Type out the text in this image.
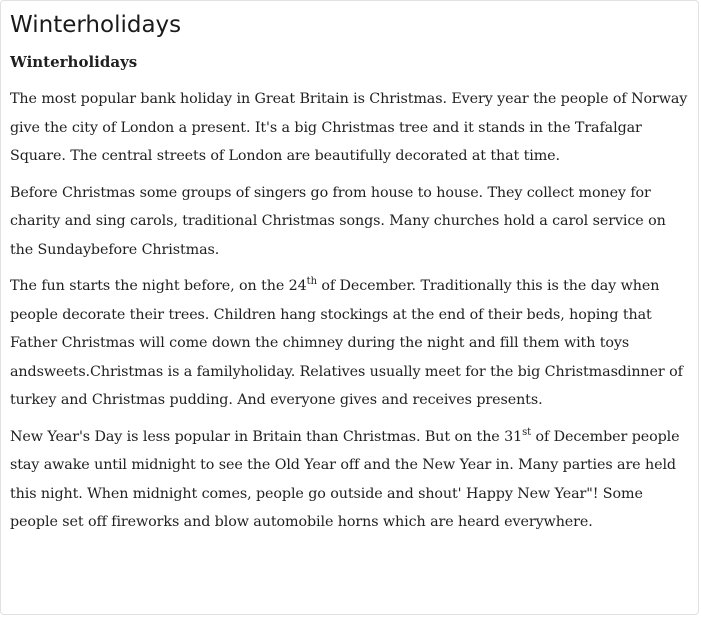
Winterholidays
Winterholidays

The most popular bank holiday in Great Britain is Christmas. Every year the people of Norway give the city of London a present. It's a big Christmas tree and it stands in the Trafalgar Square. The central streets of London are beautifully decorated at that time.

Before Christmas some groups of singers go from house to house. They collect money for charity and sing carols, traditional Christmas songs. Many churches hold a carol service on the Sundaybefore Christmas.

The fun starts the night before, on the 24th of December. Traditionally this is the day when people decorate their trees. Children hang stockings at the end of their beds, hoping that Father Christmas will come down the chimney during the night and fill them with toys andsweets.Christmas is a familyholiday. Relatives usually meet for the big Christmasdinner of turkey and Christmas pudding. And everyone gives and receives presents.

New Year's Day is less popular in Britain than Christmas. But on the 31st of December people stay awake until midnight to see the Old Year off and the New Year in. Many parties are held this night. When midnight comes, people go outside and shout' Happy New Year"! Some people set off fireworks and blow automobile horns which are heard everywhere.
